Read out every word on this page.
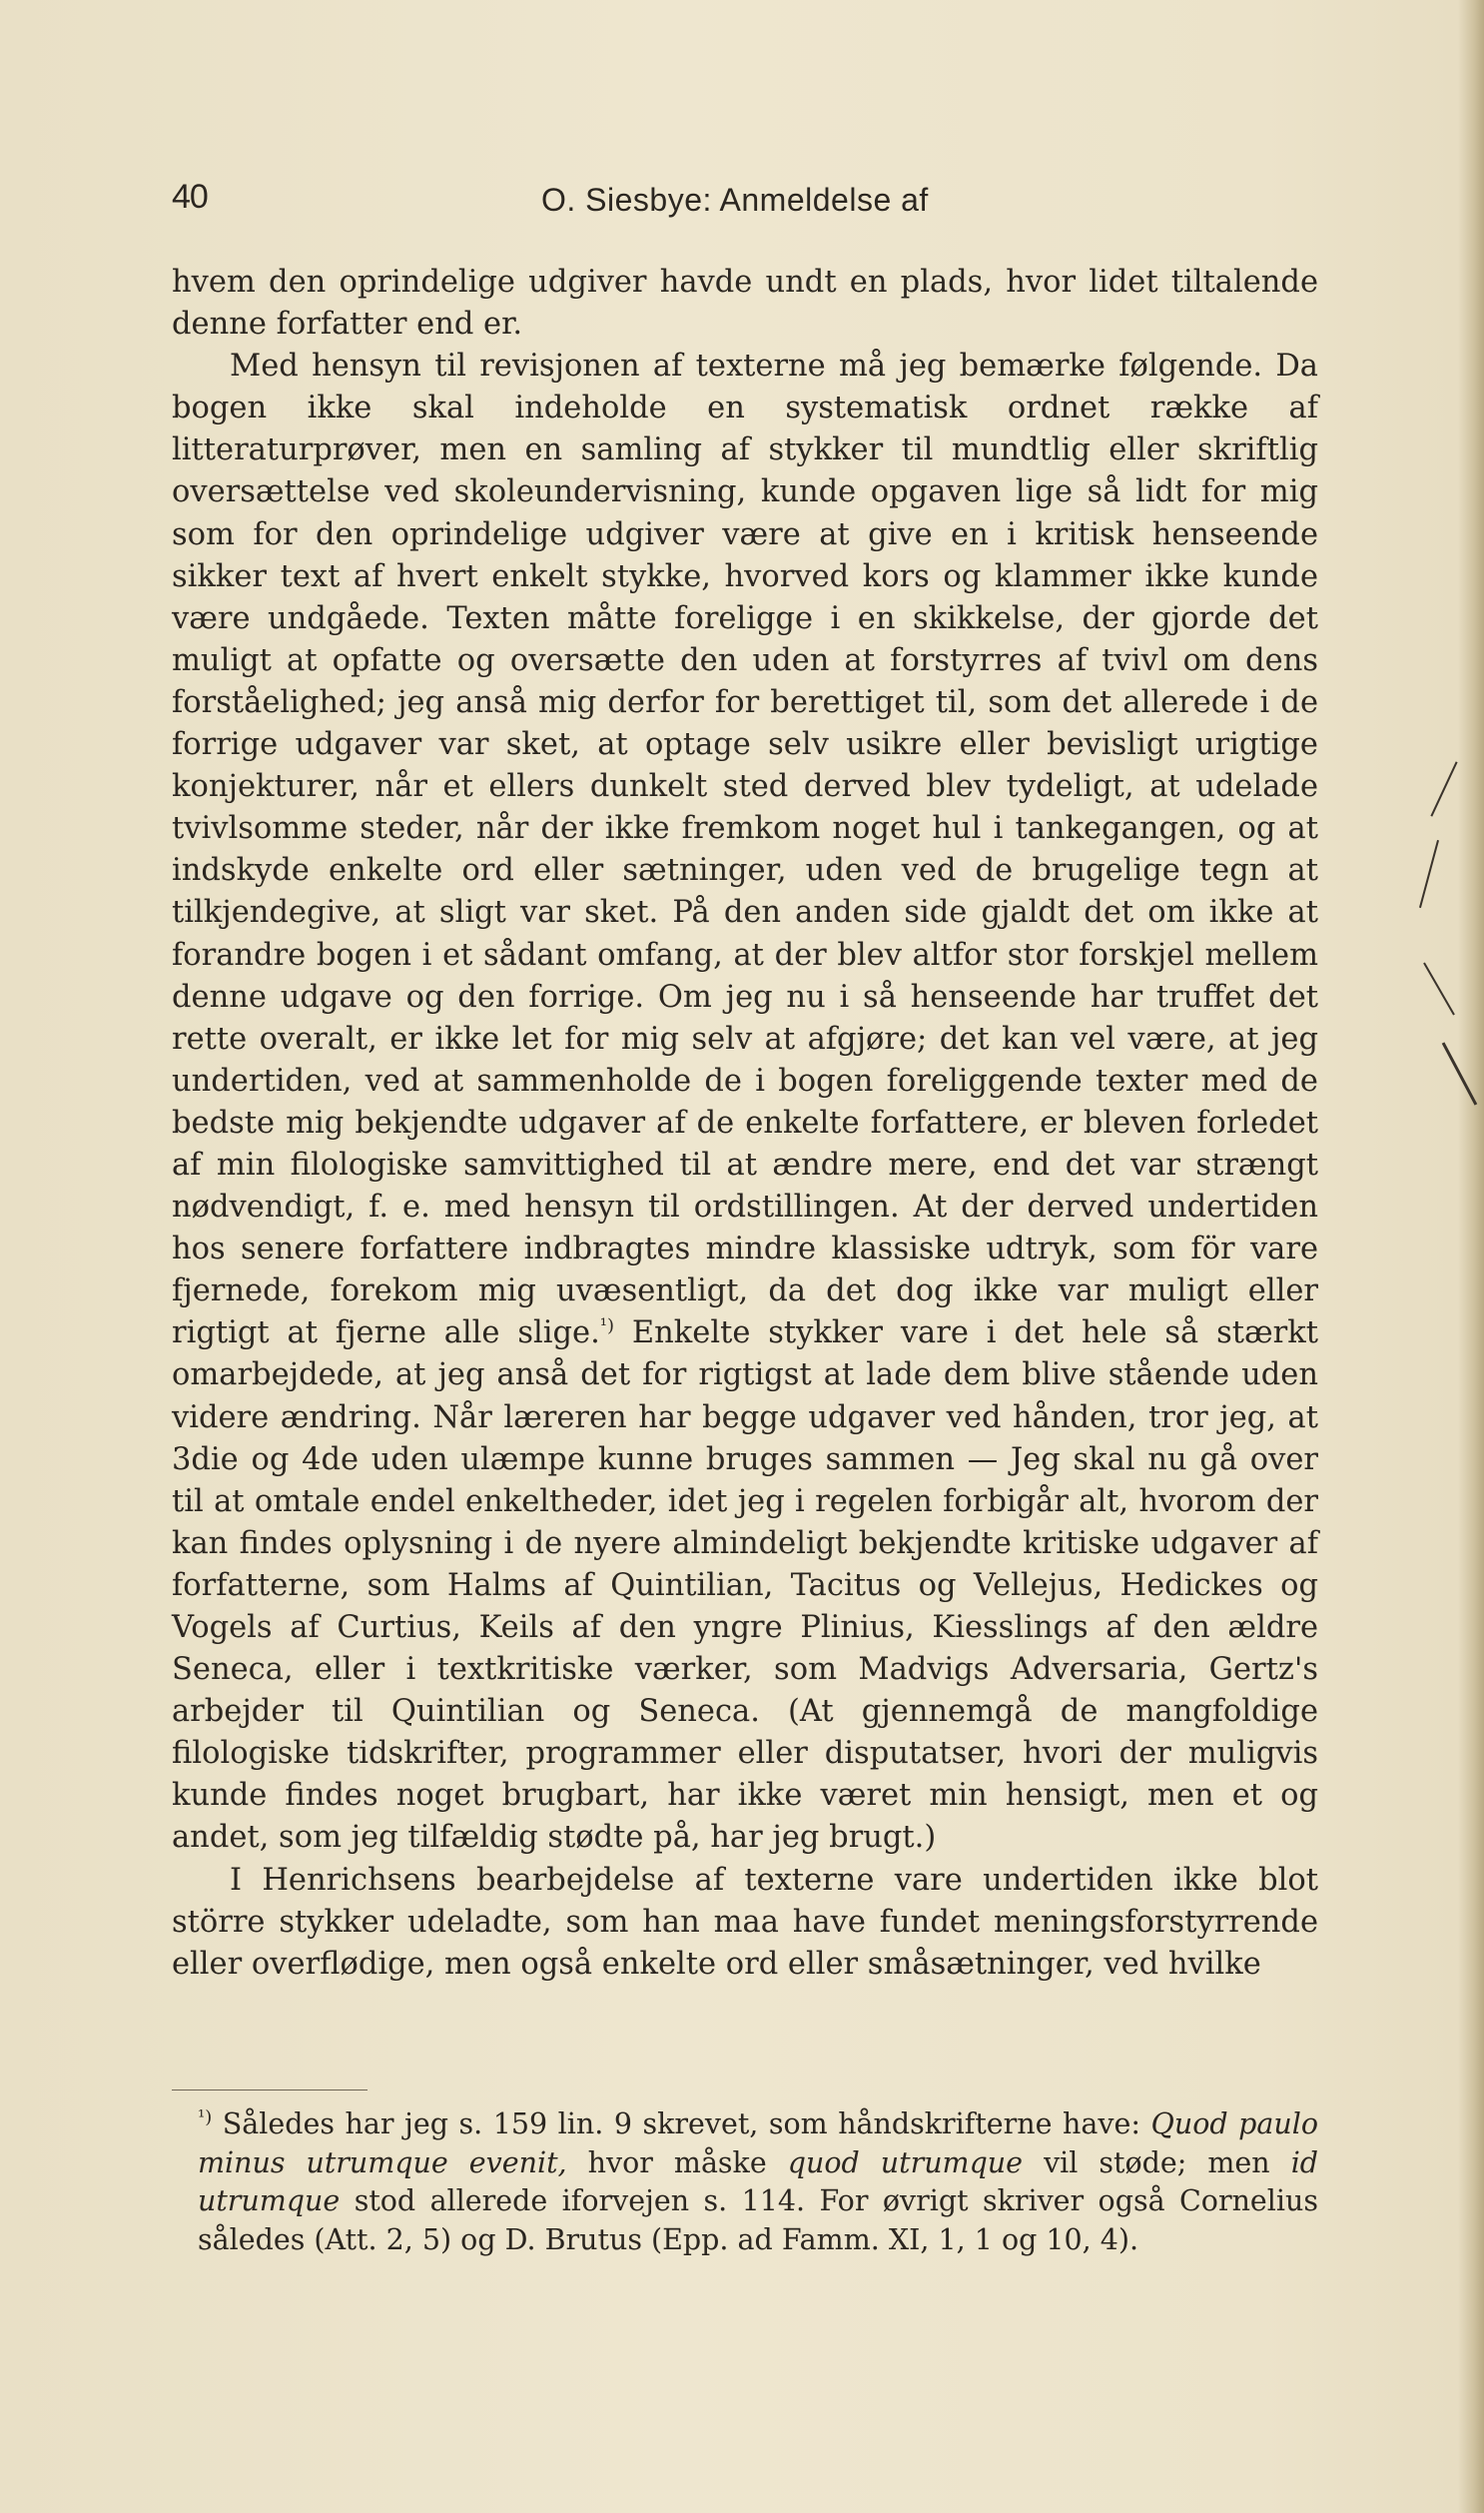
40	O. Siesbye: Anmeldelse af

hvem den oprindelige udgiver havde undt en plads, hvor lidet tiltalende denne forfatter end er.

Med hensyn til revisjonen af texterne må jeg bemærke følgende. Da bogen ikke skal indeholde en systematisk ordnet række af litteraturprøver, men en samling af stykker til mundtlig eller skriftlig oversættelse ved skoleundervisning, kunde opgaven lige så lidt for mig som for den oprindelige udgiver være at give en i kritisk henseende sikker text af hvert enkelt stykke, hvorved kors og klammer ikke kunde være undgåede. Texten måtte foreligge i en skikkelse, der gjorde det muligt at opfatte og oversætte den uden at forstyrres af tvivl om dens forståelighed; jeg anså mig derfor for berettiget til, som det allerede i de forrige udgaver var sket, at optage selv usikre eller bevisligt urigtige konjekturer, når et ellers dunkelt sted derved blev tydeligt, at udelade tvivlsomme steder, når der ikke fremkom noget hul i tankegangen, og at indskyde enkelte ord eller sætninger, uden ved de brugelige tegn at tilkjendegive, at sligt var sket. På den anden side gjaldt det om ikke at forandre bogen i et sådant omfang, at der blev altfor stor forskjel mellem denne udgave og den forrige. Om jeg nu i så henseende har truffet det rette overalt, er ikke let for mig selv at afgjøre; det kan vel være, at jeg undertiden, ved at sammenholde de i bogen foreliggende texter med de bedste mig bekjendte udgaver af de enkelte forfattere, er bleven forledet af min filologiske samvittighed til at ændre mere, end det var strængt nødvendigt, f. e. med hensyn til ordstillingen. At der derved undertiden hos senere forfattere indbragtes mindre klassiske udtryk, som för vare fjernede, forekom mig uvæsentligt, da det dog ikke var muligt eller rigtigt at fjerne alle slige.$^{^1)}$ Enkelte stykker vare i det hele så stærkt omarbejdede, at jeg anså det for rigtigst at lade dem blive stående uden videre ændring. Når læreren har begge udgaver ved hånden, tror jeg, at 3die og 4de uden ulæmpe kunne bruges sammen — Jeg skal nu gå over til at omtale endel enkeltheder, idet jeg i regelen forbigår alt, hvorom der kan findes oplysning i de nyere almindeligt bekjendte kritiske udgaver af forfatterne, som Halms af Quintilian, Tacitus og Vellejus, Hedickes og Vogels af Curtius, Keils af den yngre Plinius, Kiesslings af den ældre Seneca, eller i textkritiske værker, som Madvigs Adversaria, Gertz's arbejder til Quintilian og Seneca. (At gjennemgå de mangfoldige filologiske tidskrifter, programmer eller disputatser, hvori der muligvis kunde findes noget brugbart, har ikke været min hensigt, men et og andet, som jeg tilfældig stødte på, har jeg brugt.)

I Henrichsens bearbejdelse af texterne vare undertiden ikke blot större stykker udeladte, som han maa have fundet meningsforstyrrende eller overflødige, men også enkelte ord eller småsætninger, ved hvilke

$^{^1)}$ Således har jeg s. 159 lin. 9 skrevet, som håndskrifterne have: Quod paulo minus utrumque evenit, hvor måske quod utrumque vil støde; men id utrumque stod allerede iforvejen s. 114. For øvrigt skriver også Cornelius således (Att. 2, 5) og D. Brutus (Epp. ad Famm. XI, 1, 1 og 10, 4).
